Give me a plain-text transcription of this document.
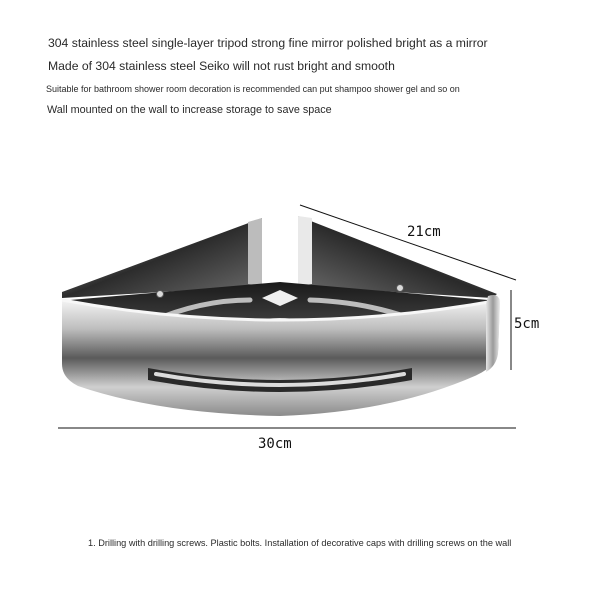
304 stainless steel single-layer tripod strong fine mirror polished bright as a mirror
Made of 304 stainless steel Seiko will not rust bright and smooth
Suitable for bathroom shower room decoration is recommended can put shampoo shower gel and so on
Wall mounted on the wall to increase storage to save space
21cm
5cm
30cm
1. Drilling with drilling screws. Plastic bolts. Installation of decorative caps with drilling screws on the wall
